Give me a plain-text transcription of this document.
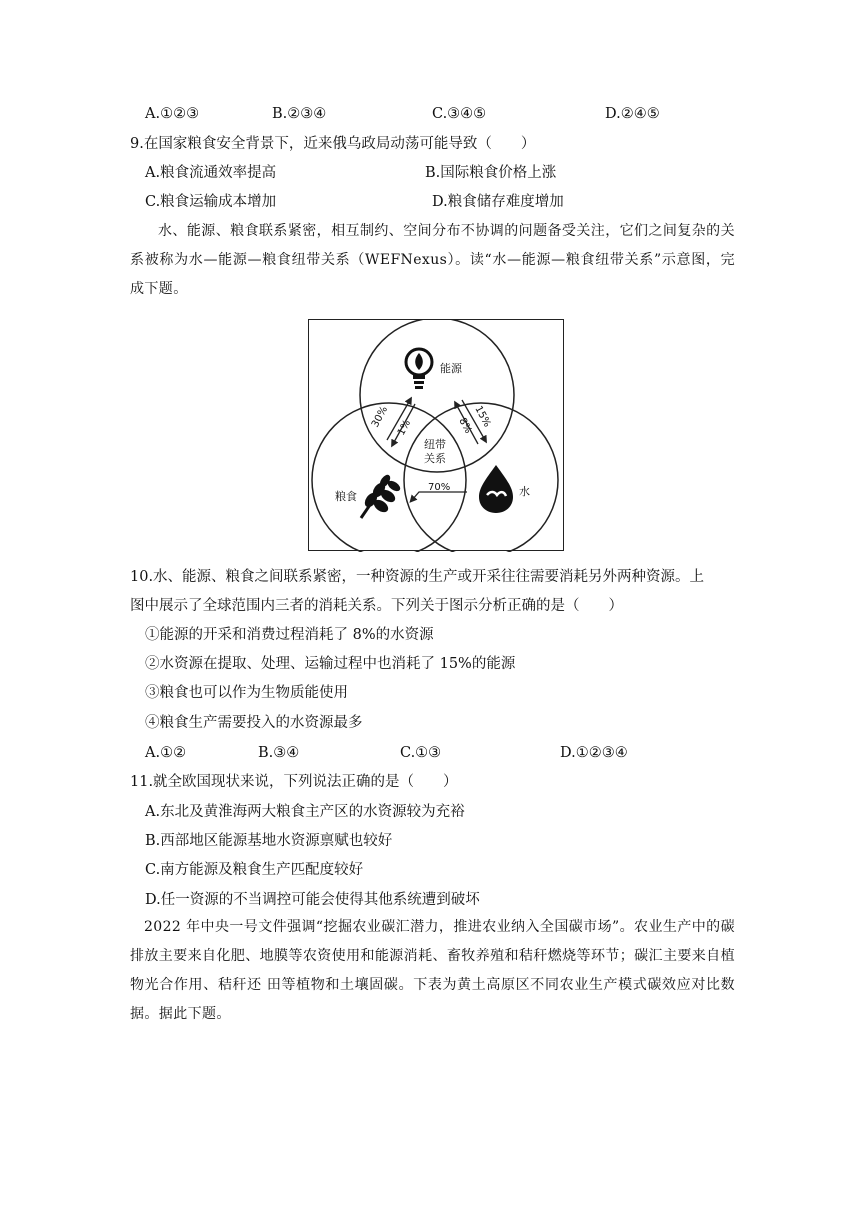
A.①②③	B.②③④	C.③④⑤	D.②④⑤
9.在国家粮食安全背景下，近来俄乌政局动荡可能导致（　　）
A.粮食流通效率提高	B.国际粮食价格上涨
C.粮食运输成本增加	D.粮食储存难度增加
水、能源、粮食联系紧密，相互制约、空间分布不协调的问题备受关注，它们之间复杂的关系被称为水—能源—粮食纽带关系（WEFNexus）。读“水—能源—粮食纽带关系”示意图，完成下题。
能源
粮食	水
纽带
关系
30% 1%	15%
8%
70%
10.水、能源、粮食之间联系紧密，一种资源的生产或开采往往需要消耗另外两种资源。上
图中展示了全球范围内三者的消耗关系。下列关于图示分析正确的是（　　）
①能源的开采和消费过程消耗了 8%的水资源
②水资源在提取、处理、运输过程中也消耗了 15%的能源
③粮食也可以作为生物质能使用
④粮食生产需要投入的水资源最多
A.①②	B.③④	C.①③	D.①②③④
11.就全欧国现状来说，下列说法正确的是（　　）
A.东北及黄淮海两大粮食主产区的水资源较为充裕
B.西部地区能源基地水资源禀赋也较好
C.南方能源及粮食生产匹配度较好
D.任一资源的不当调控可能会使得其他系统遭到破坏
2022 年中央一号文件强调“挖掘农业碳汇潜力，推进农业纳入全国碳市场”。农业生产中的碳排放主要来自化肥、地膜等农资使用和能源消耗、畜牧养殖和秸秆燃烧等环节；碳汇主要来自植物光合作用、秸秆还 田等植物和土壤固碳。下表为黄土高原区不同农业生产模式碳效应对比数据。据此下题。
